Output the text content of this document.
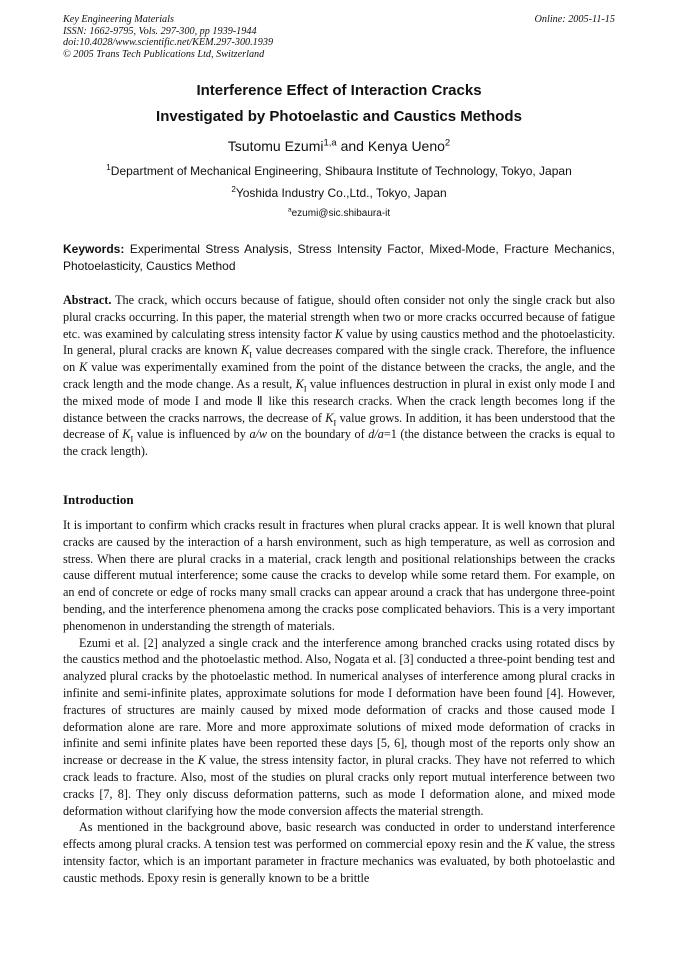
Key Engineering Materials
ISSN: 1662-9795, Vols. 297-300, pp 1939-1944
doi:10.4028/www.scientific.net/KEM.297-300.1939
© 2005 Trans Tech Publications Ltd, Switzerland
Online: 2005-11-15
Interference Effect of Interaction Cracks
Investigated by Photoelastic and Caustics Methods
Tsutomu Ezumi$^{1,a}$ and Kenya Ueno$^2$
$^1$Department of Mechanical Engineering, Shibaura Institute of Technology, Tokyo, Japan
$^2$Yoshida Industry Co.,Ltd., Tokyo, Japan
$^a$ezumi@sic.shibaura-it
Keywords: Experimental Stress Analysis, Stress Intensity Factor, Mixed-Mode, Fracture Mechanics, Photoelasticity, Caustics Method

Abstract. The crack, which occurs because of fatigue, should often consider not only the single crack but also plural cracks occurring. In this paper, the material strength when two or more cracks occurred because of fatigue etc. was examined by calculating stress intensity factor K value by using caustics method and the photoelasticity. In general, plural cracks are known $K_I$ value decreases compared with the single crack. Therefore, the influence on K value was experimentally examined from the point of the distance between the cracks, the angle, and the crack length and the mode change. As a result, $K_I$ value influences destruction in plural in exist only mode I and the mixed mode of mode I and mode Ⅱ like this research cracks. When the crack length becomes long if the distance between the cracks narrows, the decrease of $K_I$ value grows. In addition, it has been understood that the decrease of $K_I$ value is influenced by a/w on the boundary of d/a=1 (the distance between the cracks is equal to the crack length).

Introduction

It is important to confirm which cracks result in fractures when plural cracks appear. It is well known that plural cracks are caused by the interaction of a harsh environment, such as high temperature, as well as corrosion and stress. When there are plural cracks in a material, crack length and positional relationships between the cracks cause different mutual interference; some cause the cracks to develop while some retard them. For example, on an end of concrete or edge of rocks many small cracks can appear around a crack that has undergone three-point bending, and the interference phenomena among the cracks pose complicated behaviors. This is a very important phenomenon in understanding the strength of materials.

Ezumi et al. [2] analyzed a single crack and the interference among branched cracks using rotated discs by the caustics method and the photoelastic method. Also, Nogata et al. [3] conducted a three-point bending test and analyzed plural cracks by the photoelastic method. In numerical analyses of interference among plural cracks in infinite and semi-infinite plates, approximate solutions for mode I deformation have been found [4]. However, fractures of structures are mainly caused by mixed mode deformation of cracks and those caused mode I deformation alone are rare. More and more approximate solutions of mixed mode deformation of cracks in infinite and semi infinite plates have been reported these days [5, 6], though most of the reports only show an increase or decrease in the K value, the stress intensity factor, in plural cracks. They have not referred to which crack leads to fracture. Also, most of the studies on plural cracks only report mutual interference between two cracks [7, 8]. They only discuss deformation patterns, such as mode I deformation alone, and mixed mode deformation without clarifying how the mode conversion affects the material strength.

As mentioned in the background above, basic research was conducted in order to understand interference effects among plural cracks. A tension test was performed on commercial epoxy resin and the K value, the stress intensity factor, which is an important parameter in fracture mechanics was evaluated, by both photoelastic and caustic methods. Epoxy resin is generally known to be a brittle
